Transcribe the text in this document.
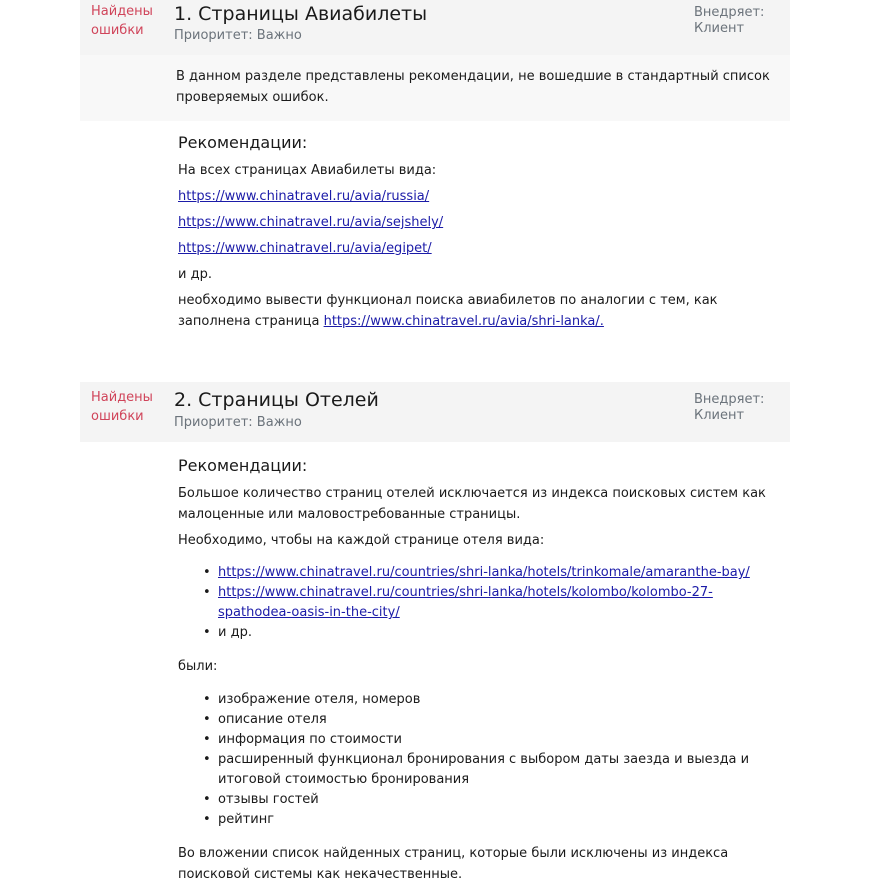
Найдены ошибки
1. Страницы Авиабилеты
Приоритет: Важно
Внедряет: Клиент
В данном разделе представлены рекомендации, не вошедшие в стандартный список проверяемых ошибок.

Рекомендации:

На всех страницах Авиабилеты вида:

https://www.chinatravel.ru/avia/russia/

https://www.chinatravel.ru/avia/sejshely/

https://www.chinatravel.ru/avia/egipet/

и др.

необходимо вывести функционал поиска авиабилетов по аналогии с тем, как заполнена страница https://www.chinatravel.ru/avia/shri-lanka/.

Найдены ошибки
2. Страницы Отелей
Приоритет: Важно
Внедряет: Клиент

Рекомендации:

Большое количество страниц отелей исключается из индекса поисковых систем как малоценные или маловостребованные страницы.

Необходимо, чтобы на каждой странице отеля вида:

• https://www.chinatravel.ru/countries/shri-lanka/hotels/trinkomale/amaranthe-bay/
• https://www.chinatravel.ru/countries/shri-lanka/hotels/kolombo/kolombo-27-spathodea-oasis-in-the-city/
• и др.

были:

• изображение отеля, номеров
• описание отеля
• информация по стоимости
• расширенный функционал бронирования с выбором даты заезда и выезда и итоговой стоимостью бронирования
• отзывы гостей
• рейтинг

Во вложении список найденных страниц, которые были исключены из индекса поисковой системы как некачественные.
